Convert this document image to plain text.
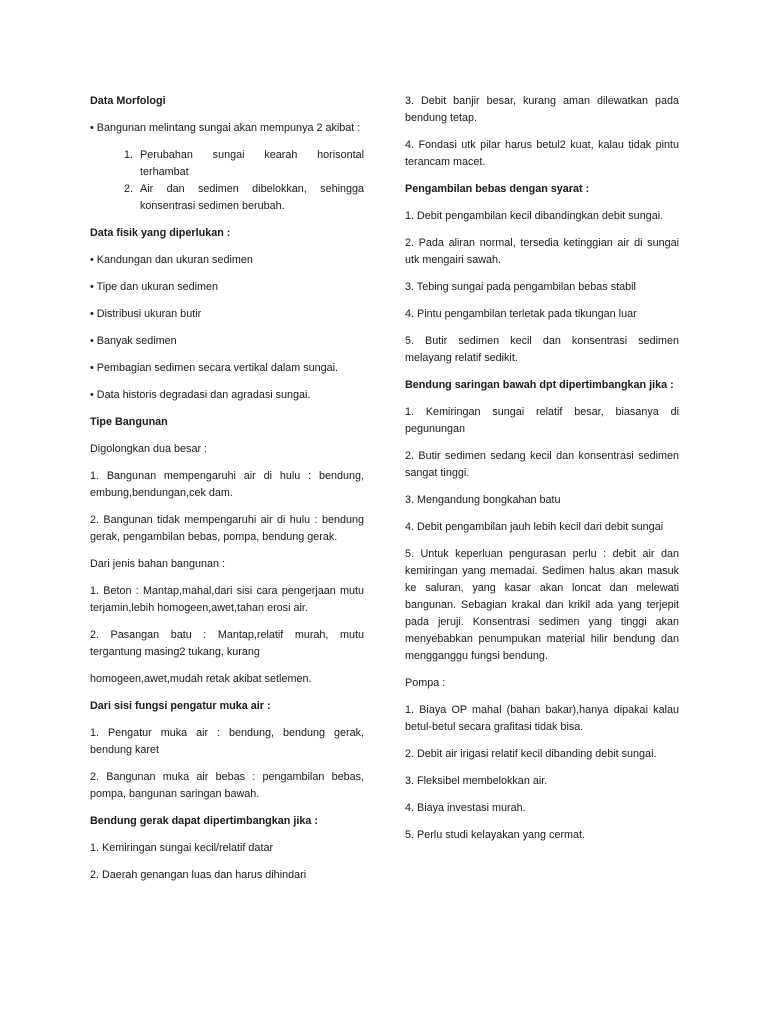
Data Morfologi

• Bangunan melintang sungai akan mempunya 2 akibat :

1. Perubahan sungai kearah horisontal terhambat
2. Air dan sedimen dibelokkan, sehingga konsentrasi sedimen berubah.

Data fisik yang diperlukan :

• Kandungan dan ukuran sedimen

• Tipe dan ukuran sedimen

• Distribusi ukuran butir

• Banyak sedimen

• Pembagian sedimen secara vertikal dalam sungai.

• Data historis degradasi dan agradasi sungai.

Tipe Bangunan

Digolongkan dua besar :

1. Bangunan mempengaruhi air di hulu : bendung, embung,bendungan,cek dam.

2. Bangunan tidak mempengaruhi air di hulu : bendung gerak, pengambilan bebas, pompa, bendung gerak.

Dari jenis bahan bangunan :

1. Beton : Mantap,mahal,dari sisi cara pengerjaan mutu terjamin,lebih homogeen,awet,tahan erosi air.

2. Pasangan batu : Mantap,relatif murah, mutu tergantung masing2 tukang, kurang

homogeen,awet,mudah retak akibat setlemen.

Dari sisi fungsi pengatur muka air :

1. Pengatur muka air : bendung, bendung gerak, bendung karet

2. Bangunan muka air bebas : pengambilan bebas, pompa, bangunan saringan bawah.

Bendung gerak dapat dipertimbangkan jika :

1. Kemiringan sungai kecil/relatif datar

2. Daerah genangan luas dan harus dihindari

3. Debit banjir besar, kurang aman dilewatkan pada bendung tetap.

4. Fondasi utk pilar harus betul2 kuat, kalau tidak pintu terancam macet.

Pengambilan bebas dengan syarat :

1. Debit pengambilan kecil dibandingkan debit sungai.

2. Pada aliran normal, tersedia ketinggian air di sungai utk mengairi sawah.

3. Tebing sungai pada pengambilan bebas stabil

4. Pintu pengambilan terletak pada tikungan luar

5. Butir sedimen kecil dan konsentrasi sedimen melayang relatif sedikit.

Bendung saringan bawah dpt dipertimbangkan jika :

1. Kemiringan sungai relatif besar, biasanya di pegunungan

2. Butir sedimen sedang kecil dan konsentrasi sedimen sangat tinggi.

3. Mengandung bongkahan batu

4. Debit pengambilan jauh lebih kecil dari debit sungai

5. Untuk keperluan pengurasan perlu : debit air dan kemiringan yang memadai. Sedimen halus akan masuk ke saluran, yang kasar akan loncat dan melewati bangunan. Sebagian krakal dan krikil ada yang terjepit pada jeruji. Konsentrasi sedimen yang tinggi akan menyebabkan penumpukan material hilir bendung dan mengganggu fungsi bendung.

Pompa :

1. Biaya OP mahal (bahan bakar),hanya dipakai kalau betul-betul secara grafitasi tidak bisa.

2. Debit air irigasi relatif kecil dibanding debit sungai.

3. Fleksibel membelokkan air.

4. Biaya investasi murah.

5. Perlu studi kelayakan yang cermat.
